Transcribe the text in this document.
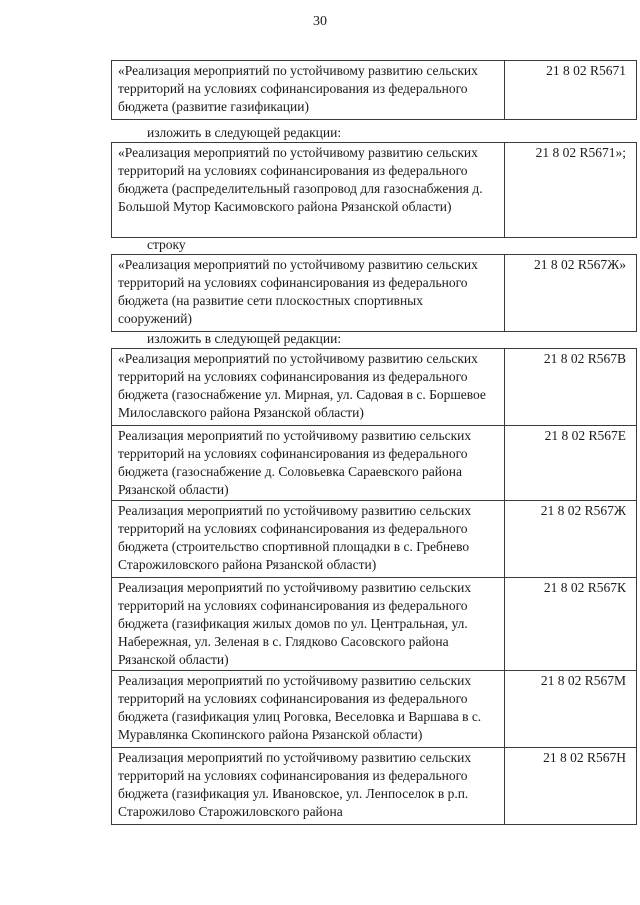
30
«Реализация мероприятий по устойчивому развитию сельских территорий на условиях софинансирования из федерального бюджета (развитие газификации)	21 8 02 R5671
изложить в следующей редакции:
«Реализация мероприятий по устойчивому развитию сельских территорий на условиях софинансирования из федерального бюджета (распределительный газопровод для газоснабжения д. Большой Мутор Касимовского района Рязанской области)	21 8 02 R5671»;
строку
«Реализация мероприятий по устойчивому развитию сельских территорий на условиях софинансирования из федерального бюджета (на развитие сети плоскостных спортивных сооружений)	21 8 02 R567Ж»
изложить в следующей редакции:
«Реализация мероприятий по устойчивому развитию сельских территорий на условиях софинансирования из федерального бюджета (газоснабжение ул. Мирная, ул. Садовая в с. Боршевое Милославского района Рязанской области)	21 8 02 R567В
Реализация мероприятий по устойчивому развитию сельских территорий на условиях софинансирования из федерального бюджета (газоснабжение д. Соловьевка Сараевского района Рязанской области)	21 8 02 R567Е
Реализация мероприятий по устойчивому развитию сельских территорий на условиях софинансирования из федерального бюджета (строительство спортивной площадки в с. Гребнево Старожиловского района Рязанской области)	21 8 02 R567Ж
Реализация мероприятий по устойчивому развитию сельских территорий на условиях софинансирования из федерального бюджета (газификация жилых домов по ул. Центральная, ул. Набережная, ул. Зеленая в с. Глядково Сасовского района Рязанской области)	21 8 02 R567К
Реализация мероприятий по устойчивому развитию сельских территорий на условиях софинансирования из федерального бюджета (газификация улиц Роговка, Веселовка и Варшава в с. Муравлянка Скопинского района Рязанской области)	21 8 02 R567М
Реализация мероприятий по устойчивому развитию сельских территорий на условиях софинансирования из федерального бюджета (газификация ул. Ивановское, ул. Ленпоселок в р.п. Старожилово Старожиловского района	21 8 02 R567Н
